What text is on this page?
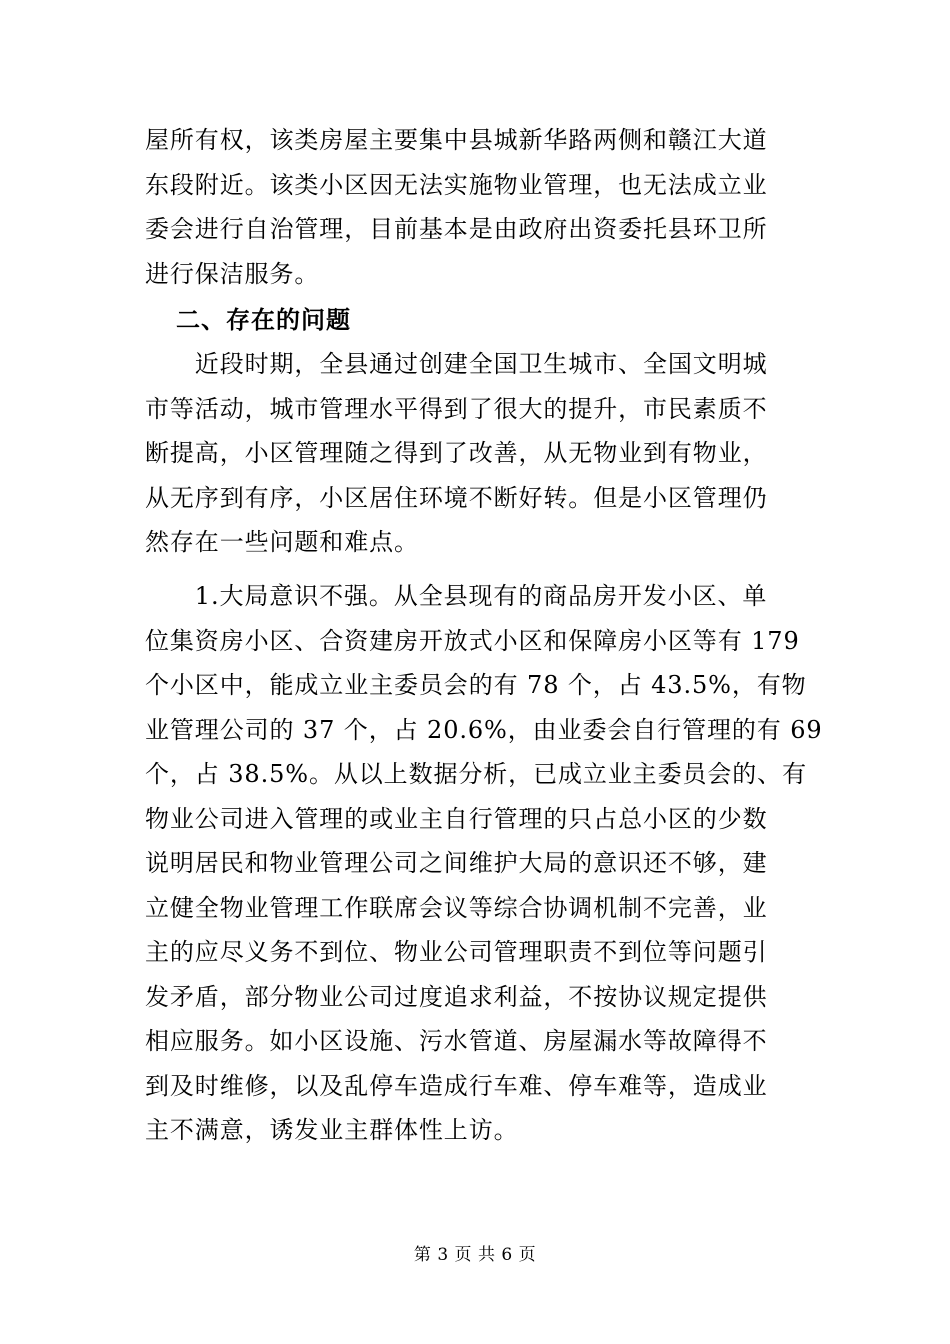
屋所有权，该类房屋主要集中县城新华路两侧和赣江大道
东段附近。该类小区因无法实施物业管理，也无法成立业
委会进行自治管理，目前基本是由政府出资委托县环卫所
进行保洁服务。
二、存在的问题
　　近段时期，全县通过创建全国卫生城市、全国文明城
市等活动，城市管理水平得到了很大的提升，市民素质不
断提高，小区管理随之得到了改善，从无物业到有物业，
从无序到有序，小区居住环境不断好转。但是小区管理仍
然存在一些问题和难点。
　　1.大局意识不强。从全县现有的商品房开发小区、单
位集资房小区、合资建房开放式小区和保障房小区等有 179
个小区中，能成立业主委员会的有 78 个，占 43.5%，有物
业管理公司的 37 个，占 20.6%，由业委会自行管理的有 69
个，占 38.5%。从以上数据分析，已成立业主委员会的、有
物业公司进入管理的或业主自行管理的只占总小区的少数
说明居民和物业管理公司之间维护大局的意识还不够，建
立健全物业管理工作联席会议等综合协调机制不完善，业
主的应尽义务不到位、物业公司管理职责不到位等问题引
发矛盾，部分物业公司过度追求利益，不按协议规定提供
相应服务。如小区设施、污水管道、房屋漏水等故障得不
到及时维修，以及乱停车造成行车难、停车难等，造成业
主不满意，诱发业主群体性上访。
第 3 页 共 6 页
